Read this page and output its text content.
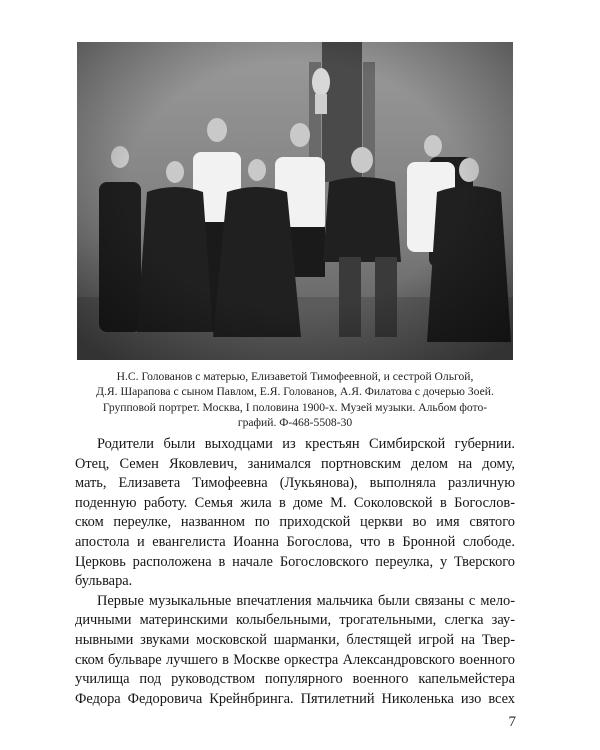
Н.С. Голованов с матерью, Елизаветой Тимофеевной, и сестрой Ольгой,

Д.Я. Шарапова с сыном Павлом, Е.Я. Голованов, А.Я. Филатова с дочерью Зоей.

Групповой портрет. Москва, I половина 1900-х. Музей музыки. Альбом фото-

графий. Ф-468-5508-30

Родители были выходцами из крестьян Симбирской губернии.
Отец, Семен Яковлевич, занимался портновским делом на дому,
мать, Елизавета Тимофеевна (Лукьянова), выполняла различную
поденную работу. Семья жила в доме М. Соколовской в Богослов-
ском переулке, названном по приходской церкви во имя святого
апостола и евангелиста Иоанна Богослова, что в Бронной слободе.
Церковь расположена в начале Богословского переулка, у Тверского
бульвара.

Первые музыкальные впечатления мальчика были связаны с мело-
дичными материнскими колыбельными, трогательными, слегка зау-
нывными звуками московской шарманки, блестящей игрой на Твер-
ском бульваре лучшего в Москве оркестра Александровского военного
училища под руководством популярного военного капельмейстера
Федора Федоровича Крейнбринга. Пятилетний Николенька изо всех

7
